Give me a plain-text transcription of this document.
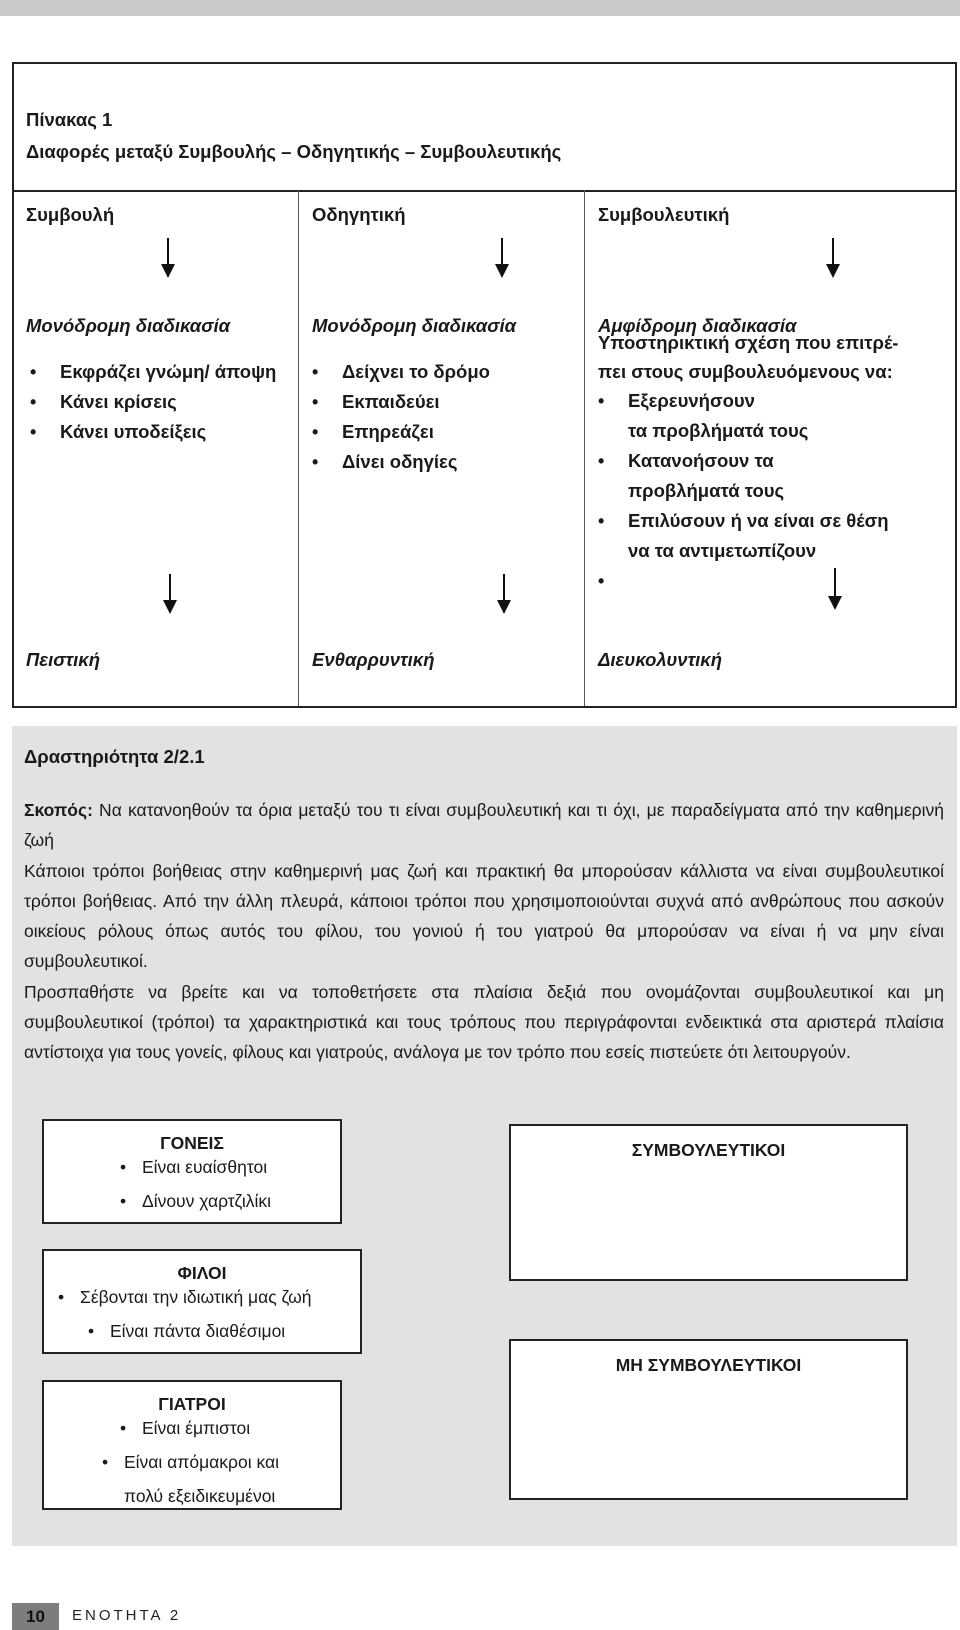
Πίνακας 1
Διαφορές μεταξύ Συμβουλής – Οδηγητικής – Συμβουλευτικής
Συμβουλή
Μονόδρομη διαδικασία
• Εκφράζει γνώμη/ άποψη
• Κάνει κρίσεις
• Κάνει υποδείξεις
Πειστική
Οδηγητική
Μονόδρομη διαδικασία
• Δείχνει το δρόμο
• Εκπαιδεύει
• Επηρεάζει
• Δίνει οδηγίες
Ενθαρρυντική
Συμβουλευτική
Αμφίδρομη διαδικασία
Υποστηρικτική σχέση που επιτρέ-
πει στους συμβουλευόμενους να:
• Εξερευνήσουν
τα προβλήματά τους
• Κατανοήσουν τα
προβλήματά τους
• Επιλύσουν ή να είναι σε θέση
να τα αντιμετωπίζουν
•
Διευκολυντική
Δραστηριότητα 2/2.1

Σκοπός: Να κατανοηθούν τα όρια μεταξύ του τι είναι συμβουλευτική και τι όχι, με παραδείγματα από την καθημερινή ζωή

Κάποιοι τρόποι βοήθειας στην καθημερινή μας ζωή και πρακτική θα μπορούσαν κάλλιστα να είναι συμβουλευτικοί τρόποι βοήθειας. Από την άλλη πλευρά, κάποιοι τρόποι που χρησιμοποιούνται συχνά από ανθρώπους που ασκούν οικείους ρόλους όπως αυτός του φίλου, του γονιού ή του γιατρού θα μπορούσαν να είναι ή να μην είναι συμβουλευτικοί.

Προσπαθήστε να βρείτε και να τοποθετήσετε στα πλαίσια δεξιά που ονομάζονται συμβουλευτικοί και μη συμβουλευτικοί (τρόποι) τα χαρακτηριστικά και τους τρόπους που περιγράφονται ενδεικτικά στα αριστερά πλαίσια αντίστοιχα για τους γονείς, φίλους και γιατρούς, ανάλογα με τον τρόπο που εσείς πιστεύετε ότι λειτουργούν.

ΓΟΝΕΙΣ
• Είναι ευαίσθητοι
• Δίνουν χαρτζιλίκι
ΦΙΛΟΙ
• Σέβονται την ιδιωτική μας ζωή
• Είναι πάντα διαθέσιμοι
ΓΙΑΤΡΟΙ
• Είναι έμπιστοι
• Είναι απόμακροι και
πολύ εξειδικευμένοι
ΣΥΜΒΟΥΛΕΥΤΙΚΟΙ
ΜΗ ΣΥΜΒΟΥΛΕΥΤΙΚΟΙ
10	ΕΝΟΤΗΤΑ 2
